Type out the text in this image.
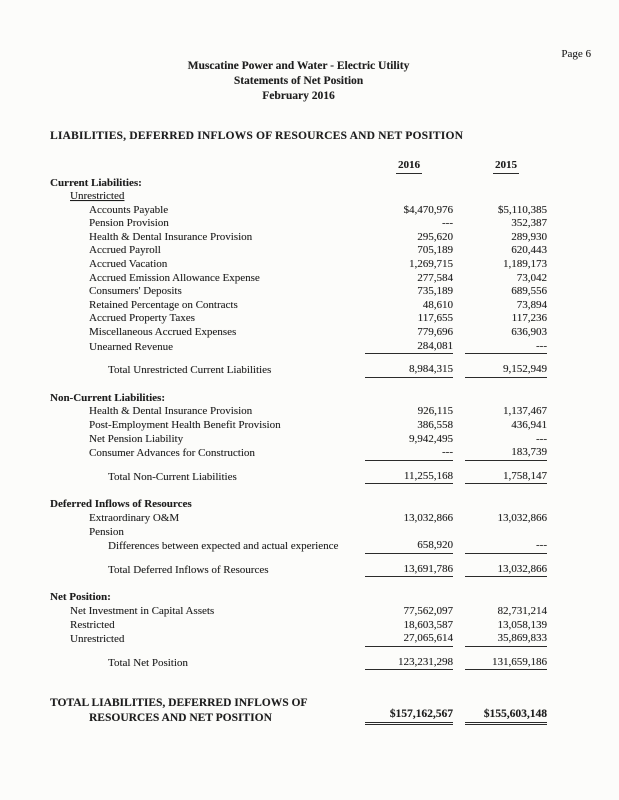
Page 6
Muscatine Power and Water - Electric Utility
Statements of Net Position
February 2016
LIABILITIES, DEFERRED INFLOWS OF RESOURCES AND NET POSITION
2016	2015
Current Liabilities:
Unrestricted
Accounts Payable	$4,470,976	$5,110,385
Pension Provision	---	352,387
Health & Dental Insurance Provision	295,620	289,930
Accrued Payroll	705,189	620,443
Accrued Vacation	1,269,715	1,189,173
Accrued Emission Allowance Expense	277,584	73,042
Consumers' Deposits	735,189	689,556
Retained Percentage on Contracts	48,610	73,894
Accrued Property Taxes	117,655	117,236
Miscellaneous Accrued Expenses	779,696	636,903
Unearned Revenue	284,081	---
Total Unrestricted Current Liabilities	8,984,315	9,152,949
Non-Current Liabilities:
Health & Dental Insurance Provision	926,115	1,137,467
Post-Employment Health Benefit Provision	386,558	436,941
Net Pension Liability	9,942,495	---
Consumer Advances for Construction	---	183,739
Total Non-Current Liabilities	11,255,168	1,758,147
Deferred Inflows of Resources
Extraordinary O&M	13,032,866	13,032,866
Pension
Differences between expected and actual experience	658,920	---
Total Deferred Inflows of Resources	13,691,786	13,032,866
Net Position:
Net Investment in Capital Assets	77,562,097	82,731,214
Restricted	18,603,587	13,058,139
Unrestricted	27,065,614	35,869,833
Total Net Position	123,231,298	131,659,186
TOTAL LIABILITIES, DEFERRED INFLOWS OF
RESOURCES AND NET POSITION	$157,162,567	$155,603,148
